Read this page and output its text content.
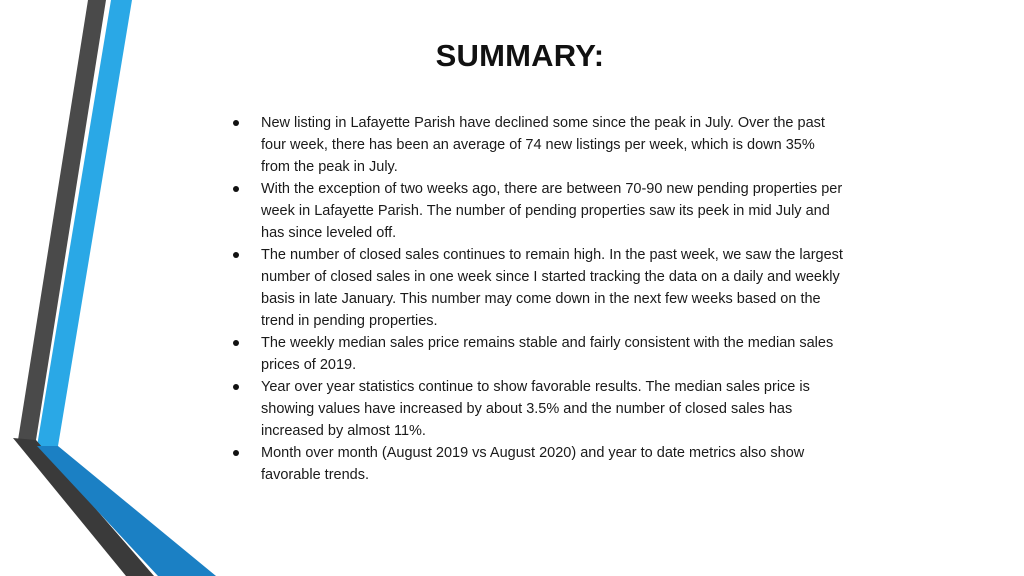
SUMMARY:
New listing in Lafayette Parish have declined some since the peak in July. Over the past four week, there has been an average of 74 new listings per week, which is down 35% from the peak in July.
With the exception of two weeks ago, there are between 70-90 new pending properties per week in Lafayette Parish. The number of pending properties saw its peek in mid July and has since leveled off.
The number of closed sales continues to remain high. In the past week, we saw the largest number of closed sales in one week since I started tracking the data on a daily and weekly basis in late January. This number may come down in the next few weeks based on the trend in pending properties.
The weekly median sales price remains stable and fairly consistent with the median sales prices of 2019.
Year over year statistics continue to show favorable results. The median sales price is showing values have increased by about 3.5% and the number of closed sales has increased by almost 11%.
Month over month (August 2019 vs August 2020) and year to date metrics also show favorable trends.
